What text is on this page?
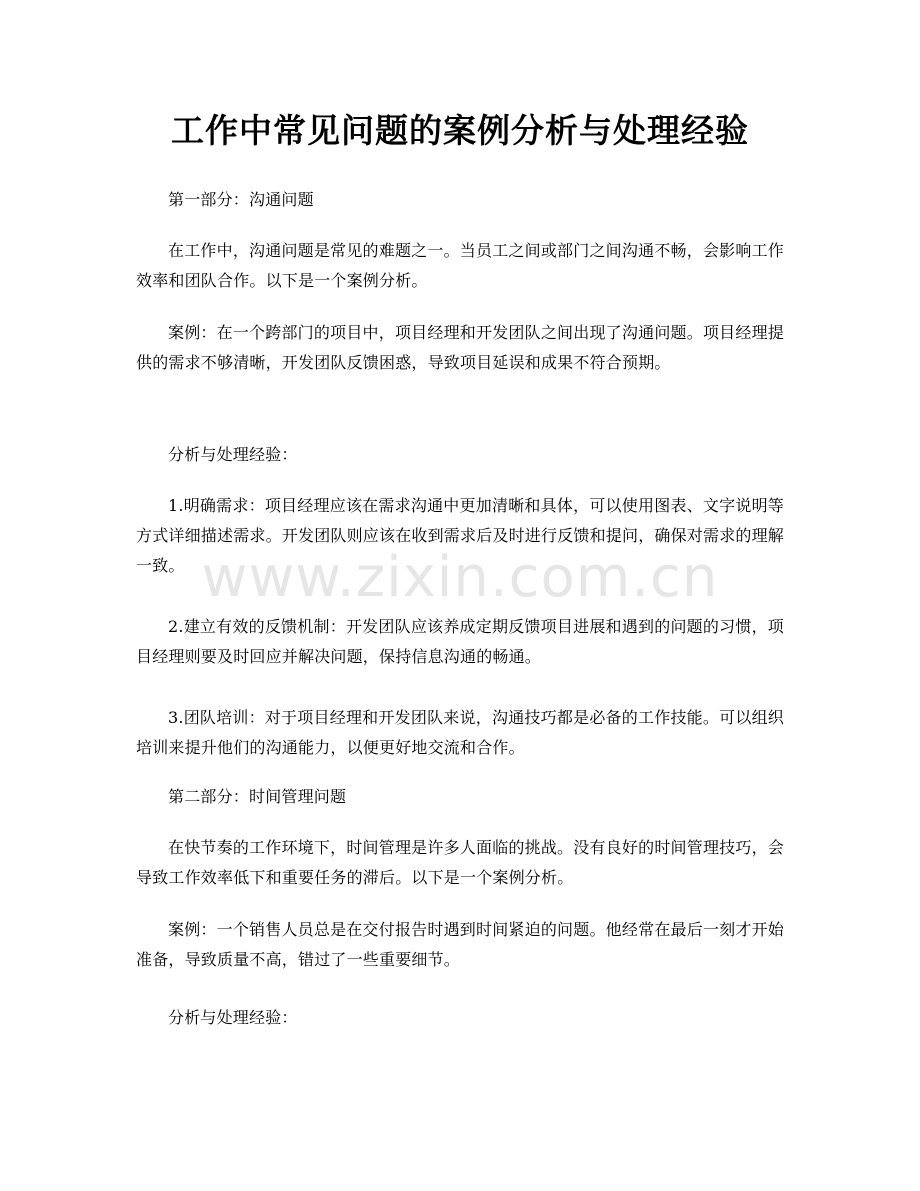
工作中常见问题的案例分析与处理经验

第一部分：沟通问题

在工作中，沟通问题是常见的难题之一。当员工之间或部门之间沟通不畅，会影响工作效率和团队合作。以下是一个案例分析。

案例：在一个跨部门的项目中，项目经理和开发团队之间出现了沟通问题。项目经理提供的需求不够清晰，开发团队反馈困惑，导致项目延误和成果不符合预期。

分析与处理经验：

1.明确需求：项目经理应该在需求沟通中更加清晰和具体，可以使用图表、文字说明等方式详细描述需求。开发团队则应该在收到需求后及时进行反馈和提问，确保对需求的理解一致。

2.建立有效的反馈机制：开发团队应该养成定期反馈项目进展和遇到的问题的习惯，项目经理则要及时回应并解决问题，保持信息沟通的畅通。

3.团队培训：对于项目经理和开发团队来说，沟通技巧都是必备的工作技能。可以组织培训来提升他们的沟通能力，以便更好地交流和合作。

第二部分：时间管理问题

在快节奏的工作环境下，时间管理是许多人面临的挑战。没有良好的时间管理技巧，会导致工作效率低下和重要任务的滞后。以下是一个案例分析。

案例：一个销售人员总是在交付报告时遇到时间紧迫的问题。他经常在最后一刻才开始准备，导致质量不高，错过了一些重要细节。

分析与处理经验：

www.zixin.com.cn
